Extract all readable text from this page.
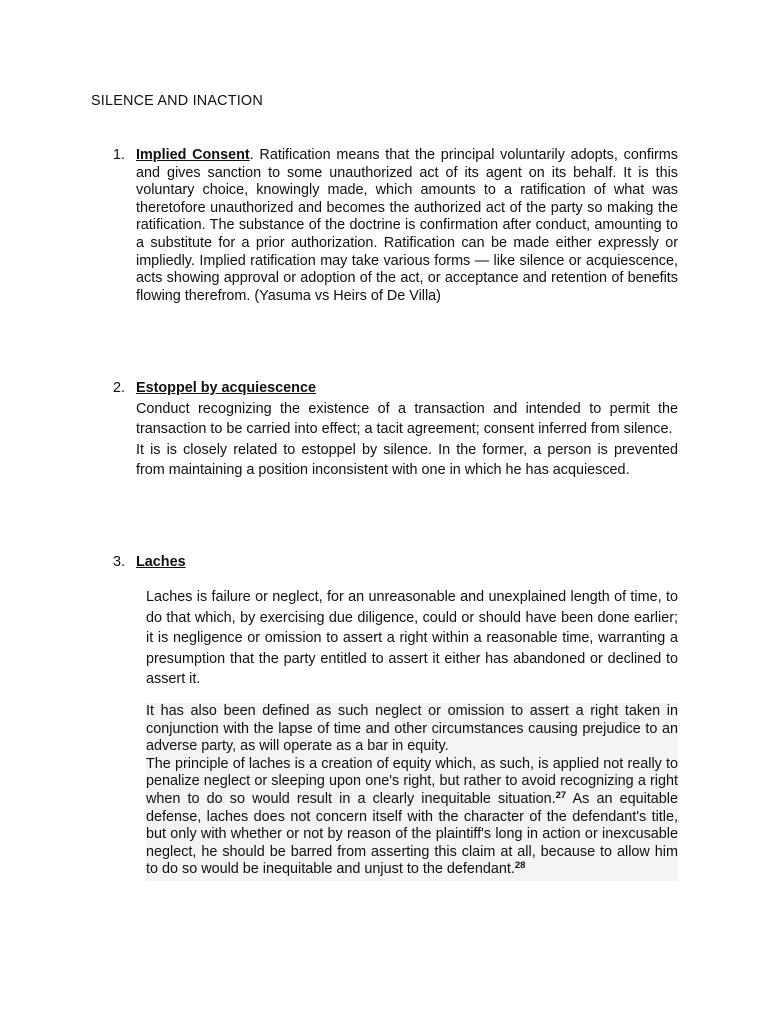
SILENCE AND INACTION
1. Implied Consent. Ratification means that the principal voluntarily adopts, confirms and gives sanction to some unauthorized act of its agent on its behalf. It is this voluntary choice, knowingly made, which amounts to a ratification of what was theretofore unauthorized and becomes the authorized act of the party so making the ratification. The substance of the doctrine is confirmation after conduct, amounting to a substitute for a prior authorization. Ratification can be made either expressly or impliedly. Implied ratification may take various forms — like silence or acquiescence, acts showing approval or adoption of the act, or acceptance and retention of benefits flowing therefrom. (Yasuma vs Heirs of De Villa)
2. Estoppel by acquiescence

Conduct recognizing the existence of a transaction and intended to permit the transaction to be carried into effect; a tacit agreement; consent inferred from silence.

It is is closely related to estoppel by silence. In the former, a person is prevented from maintaining a position inconsistent with one in which he has acquiesced.

3. Laches

Laches is failure or neglect, for an unreasonable and unexplained length of time, to do that which, by exercising due diligence, could or should have been done earlier; it is negligence or omission to assert a right within a reasonable time, warranting a presumption that the party entitled to assert it either has abandoned or declined to assert it.

It has also been defined as such neglect or omission to assert a right taken in conjunction with the lapse of time and other circumstances causing prejudice to an adverse party, as will operate as a bar in equity.

The principle of laches is a creation of equity which, as such, is applied not really to penalize neglect or sleeping upon one's right, but rather to avoid recognizing a right when to do so would result in a clearly inequitable situation.$^{27}$ As an equitable defense, laches does not concern itself with the character of the defendant's title, but only with whether or not by reason of the plaintiff's long in action or inexcusable neglect, he should be barred from asserting this claim at all, because to allow him to do so would be inequitable and unjust to the defendant.$^{28}$
